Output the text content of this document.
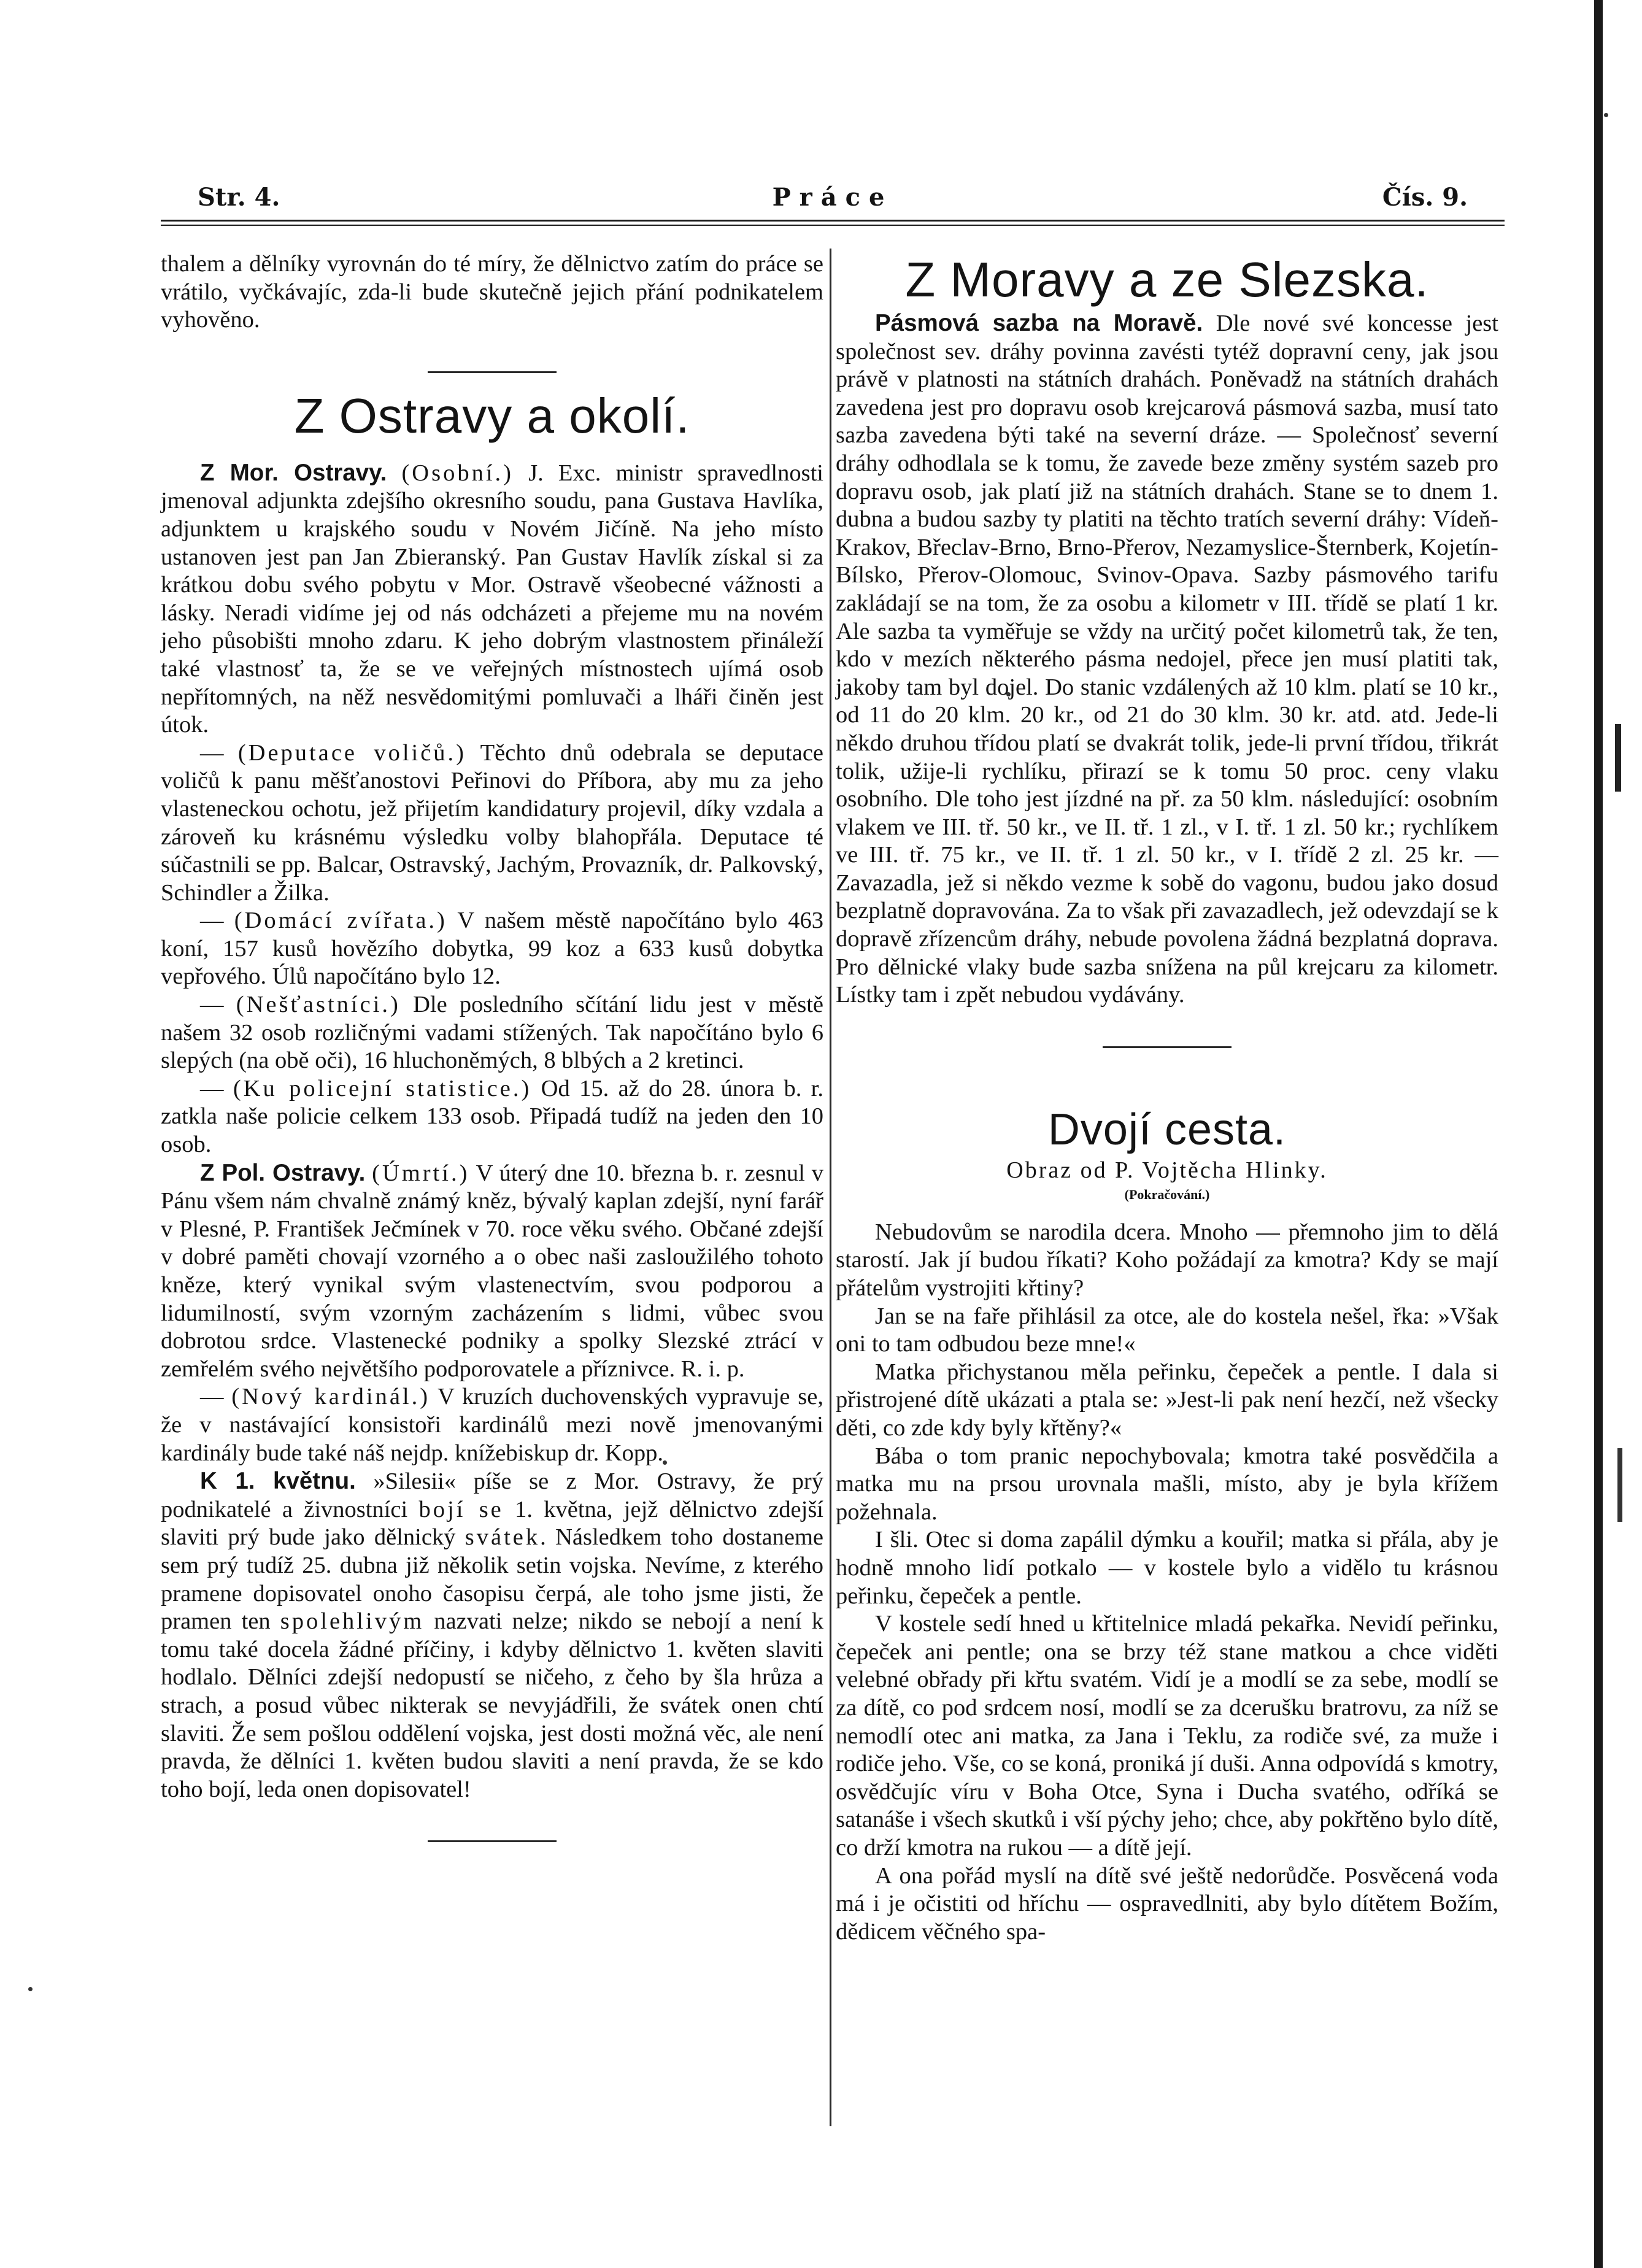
Str. 4.	Práce	Čís. 9.

thalem a dělníky vyrovnán do té míry, že dělnictvo zatím do práce se vrátilo, vyčkávajíc, zda-li bude skutečně jejich přání podnikatelem vyhověno.

Z Ostravy a okolí.

Z Mor. Ostravy. (Osobní.) J. Exc. ministr spravedlnosti jmenoval adjunkta zdejšího okresního soudu, pana Gustava Havlíka, adjunktem u krajského soudu v Novém Jičíně. Na jeho místo ustanoven jest pan Jan Zbieranský. Pan Gustav Havlík získal si za krátkou dobu svého pobytu v Mor. Ostravě všeobecné vážnosti a lásky. Neradi vidíme jej od nás odcházeti a přejeme mu na novém jeho působišti mnoho zdaru. K jeho dobrým vlastnostem přináleží také vlastnosť ta, že se ve veřejných místnostech ujímá osob nepřítomných, na něž nesvědomitými pomluvači a lháři činěn jest útok.

— (Deputace voličů.) Těchto dnů odebrala se deputace voličů k panu měšťanostovi Peřinovi do Příbora, aby mu za jeho vlasteneckou ochotu, jež přijetím kandidatury projevil, díky vzdala a zároveň ku krásnému výsledku volby blahopřála. Deputace té súčastnili se pp. Balcar, Ostravský, Jachým, Provazník, dr. Palkovský, Schindler a Žilka.

— (Domácí zvířata.) V našem městě napočítáno bylo 463 koní, 157 kusů hovězího dobytka, 99 koz a 633 kusů dobytka vepřového. Úlů napočítáno bylo 12.

— (Nešťastníci.) Dle posledního sčítání lidu jest v městě našem 32 osob rozličnými vadami stížených. Tak napočítáno bylo 6 slepých (na obě oči), 16 hluchoněmých, 8 blbých a 2 kretinci.

— (Ku policejní statistice.) Od 15. až do 28. února b. r. zatkla naše policie celkem 133 osob. Připadá tudíž na jeden den 10 osob.

Z Pol. Ostravy. (Úmrtí.) V úterý dne 10. března b. r. zesnul v Pánu všem nám chvalně známý kněz, bývalý kaplan zdejší, nyní farář v Plesné, P. František Ječmínek v 70. roce věku svého. Občané zdejší v dobré paměti chovají vzorného a o obec naši zasloužilého tohoto kněze, který vynikal svým vlastenectvím, svou podporou a lidumilností, svým vzorným zacházením s lidmi, vůbec svou dobrotou srdce. Vlastenecké podniky a spolky Slezské ztrácí v zemřelém svého největšího podporovatele a příznivce. R. i. p.

— (Nový kardinál.) V kruzích duchovenských vypravuje se, že v nastávající konsistoři kardinálů mezi nově jmenovanými kardinály bude také náš nejdp. knížebiskup dr. Kopp.

K 1. květnu. »Silesii« píše se z Mor. Ostravy, že prý podnikatelé a živnostníci bojí se 1. května, jejž dělnictvo zdejší slaviti prý bude jako dělnický svátek. Následkem toho dostaneme sem prý tudíž 25. dubna již několik setin vojska. Nevíme, z kterého pramene dopisovatel onoho časopisu čerpá, ale toho jsme jisti, že pramen ten spolehlivým nazvati nelze; nikdo se nebojí a není k tomu také docela žádné příčiny, i kdyby dělnictvo 1. květen slaviti hodlalo. Dělníci zdejší nedopustí se ničeho, z čeho by šla hrůza a strach, a posud vůbec nikterak se nevyjádřili, že svátek onen chtí slaviti. Že sem pošlou oddělení vojska, jest dosti možná věc, ale není pravda, že dělníci 1. květen budou slaviti a není pravda, že se kdo toho bojí, leda onen dopisovatel!

Z Moravy a ze Slezska.

Pásmová sazba na Moravě. Dle nové své koncesse jest společnost sev. dráhy povinna zavésti tytéž dopravní ceny, jak jsou právě v platnosti na státních drahách. Poněvadž na státních drahách zavedena jest pro dopravu osob krejcarová pásmová sazba, musí tato sazba zavedena býti také na severní dráze. — Společnosť severní dráhy odhodlala se k tomu, že zavede beze změny systém sazeb pro dopravu osob, jak platí již na státních drahách. Stane se to dnem 1. dubna a budou sazby ty platiti na těchto tratích severní dráhy: Vídeň-Krakov, Břeclav-Brno, Brno-Přerov, Nezamyslice-Šternberk, Kojetín-Bílsko, Přerov-Olomouc, Svinov-Opava. Sazby pásmového tarifu zakládají se na tom, že za osobu a kilometr v III. třídě se platí 1 kr. Ale sazba ta vyměřuje se vždy na určitý počet kilometrů tak, že ten, kdo v mezích některého pásma nedojel, přece jen musí platiti tak, jakoby tam byl dojel. Do stanic vzdálených až 10 klm. platí se 10 kr., od 11 do 20 klm. 20 kr., od 21 do 30 klm. 30 kr. atd. atd. Jede-li někdo druhou třídou platí se dvakrát tolik, jede-li první třídou, třikrát tolik, užije-li rychlíku, přirazí se k tomu 50 proc. ceny vlaku osobního. Dle toho jest jízdné na př. za 50 klm. následující: osobním vlakem ve III. tř. 50 kr., ve II. tř. 1 zl., v I. tř. 1 zl. 50 kr.; rychlíkem ve III. tř. 75 kr., ve II. tř. 1 zl. 50 kr., v I. třídě 2 zl. 25 kr. — Zavazadla, jež si někdo vezme k sobě do vagonu, budou jako dosud bezplatně dopravována. Za to však při zavazadlech, jež odevzdají se k dopravě zřízencům dráhy, nebude povolena žádná bezplatná doprava. Pro dělnické vlaky bude sazba snížena na půl krejcaru za kilometr. Lístky tam i zpět nebudou vydávány.

Dvojí cesta.
Obraz od P. Vojtěcha Hlinky.
(Pokračování.)

Nebudovům se narodila dcera. Mnoho — přemnoho jim to dělá starostí. Jak jí budou říkati? Koho požádají za kmotra? Kdy se mají přátelům vystrojiti křtiny?

Jan se na faře přihlásil za otce, ale do kostela nešel, řka: »Však oni to tam odbudou beze mne!«

Matka přichystanou měla peřinku, čepeček a pentle. I dala si přistrojené dítě ukázati a ptala se: »Jest-li pak není hezčí, než všecky děti, co zde kdy byly křtěny?«

Bába o tom pranic nepochybovala; kmotra také posvědčila a matka mu na prsou urovnala mašli, místo, aby je byla křížem požehnala.

I šli. Otec si doma zapálil dýmku a kouřil; matka si přála, aby je hodně mnoho lidí potkalo — v kostele bylo a vidělo tu krásnou peřinku, čepeček a pentle.

V kostele sedí hned u křtitelnice mladá pekařka. Nevidí peřinku, čepeček ani pentle; ona se brzy též stane matkou a chce viděti velebné obřady při křtu svatém. Vidí je a modlí se za sebe, modlí se za dítě, co pod srdcem nosí, modlí se za dcerušku bratrovu, za níž se nemodlí otec ani matka, za Jana i Teklu, za rodiče své, za muže i rodiče jeho. Vše, co se koná, proniká jí duši. Anna odpovídá s kmotry, osvědčujíc víru v Boha Otce, Syna i Ducha svatého, odříká se satanáše i všech skutků i vší pýchy jeho; chce, aby pokřtěno bylo dítě, co drží kmotra na rukou — a dítě její.

A ona pořád myslí na dítě své ještě nedorůdče. Posvěcená voda má i je očistiti od hříchu — ospravedlniti, aby bylo dítětem Božím, dědicem věčného spa-
